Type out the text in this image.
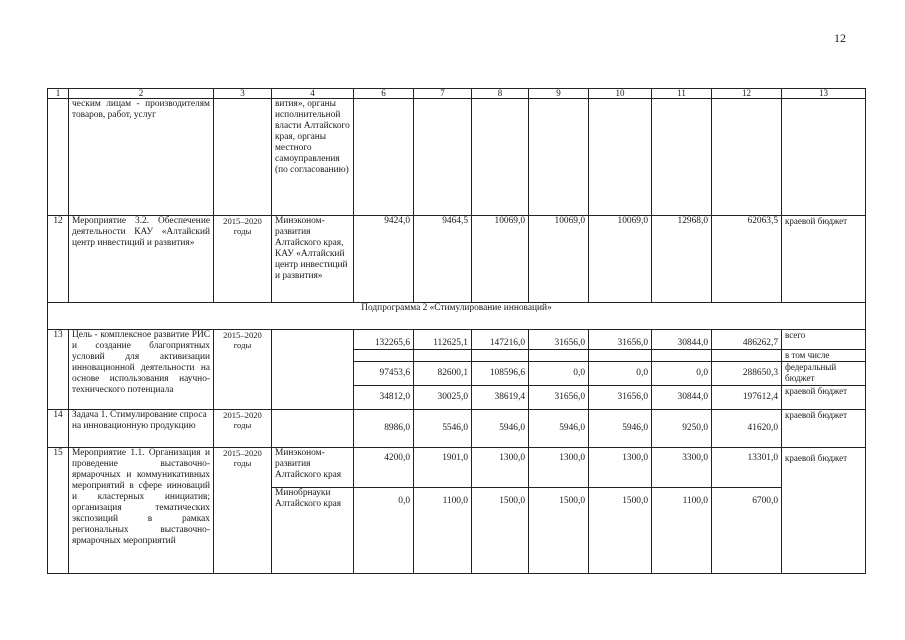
12
1	2	3	4	6	7	8	9	10	11	12	13
	ческим лицам - производителям товаров, работ, услуг		вития», органы исполнительной власти Алтайского края, органы местного самоуправления (по согласованию)								
12	Мероприятие 3.2. Обеспечение деятельности КАУ «Алтайский центр инвестиций и развития»	2015–2020 годы	Минэконом-развития Алтайского края, КАУ «Алтайский центр инвестиций и развития»	9424,0	9464,5	10069,0	10069,0	10069,0	12968,0	62063,5	краевой бюджет
Подпрограмма 2 «Стимулирование инноваций»											
13	Цель - комплексное развитие РИС и создание благоприятных условий для активизации инновационной деятельности на основе использования научно-технического потенциала	2015–2020 годы		132265,6	112625,1	147216,0	31656,0	31656,0	30844,0	486262,7	всего
											в том числе
				97453,6	82600,1	108596,6	0,0	0,0	0,0	288650,3	федеральный бюджет
				34812,0	30025,0	38619,4	31656,0	31656,0	30844,0	197612,4	краевой бюджет
14	Задача 1. Стимулирование спроса на инновационную продукцию	2015–2020 годы		8986,0	5546,0	5946,0	5946,0	5946,0	9250,0	41620,0	краевой бюджет
15	Мероприятие 1.1. Организация и проведение выставочно-ярмарочных и коммуникативных мероприятий в сфере инноваций и кластерных инициатив; организация тематических экспозиций в рамках региональных выставочно-ярмарочных мероприятий	2015–2020 годы	Минэконом-развития Алтайского края	4200,0	1901,0	1300,0	1300,0	1300,0	3300,0	13301,0	краевой бюджет
			Минобрнауки Алтайского края	0,0	1100,0	1500,0	1500,0	1500,0	1100,0	6700,0	
